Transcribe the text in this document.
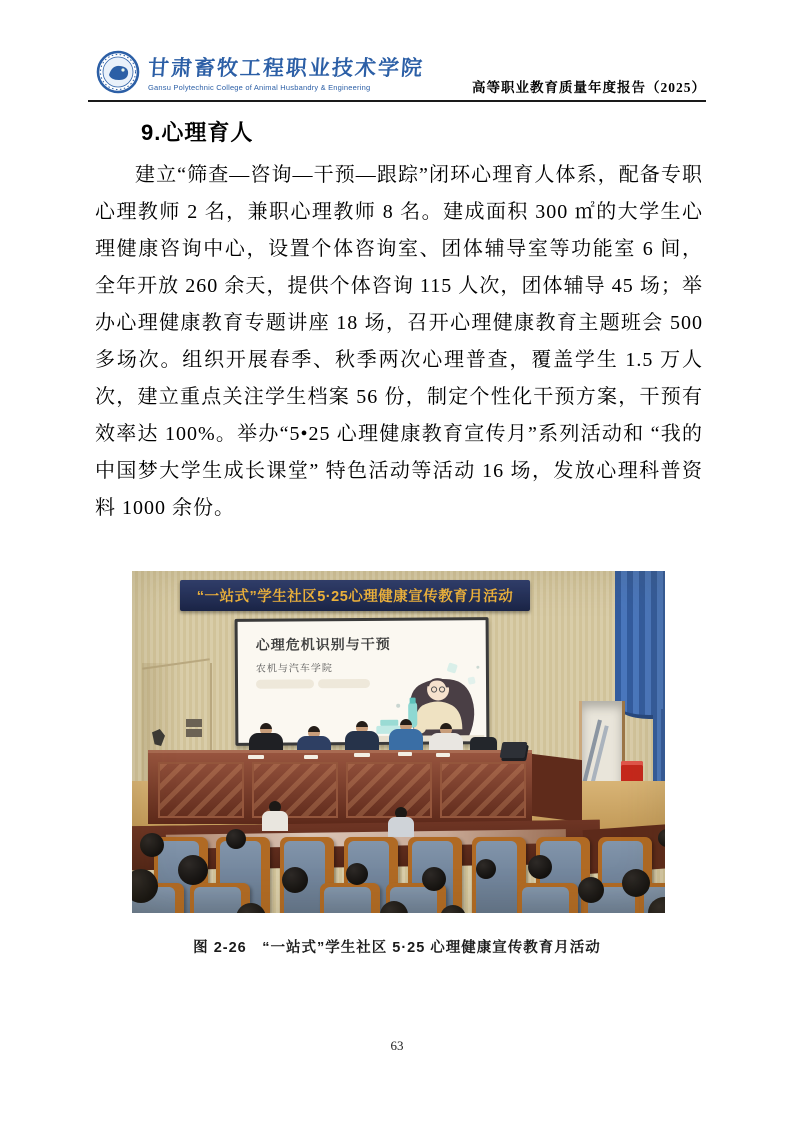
甘肃畜牧工程职业技术学院
Gansu Polytechnic College of Animal Husbandry & Engineering	高等职业教育质量年度报告（2025）
9.心理育人
建立“筛查—咨询—干预—跟踪”闭环心理育人体系，配备专职心理教师 2 名，兼职心理教师 8 名。建成面积 300 ㎡的大学生心理健康咨询中心，设置个体咨询室、团体辅导室等功能室 6 间，全年开放 260 余天，提供个体咨询 115 人次，团体辅导 45 场；举办心理健康教育专题讲座 18 场，召开心理健康教育主题班会 500 多场次。组织开展春季、秋季两次心理普查，覆盖学生 1.5 万人次，建立重点关注学生档案 56 份，制定个性化干预方案，干预有效率达 100%。举办“5•25 心理健康教育宣传月”系列活动和 “我的中国梦大学生成长课堂” 特色活动等活动 16 场，发放心理科普资料 1000 余份。
“一站式”学生社区5·25心理健康宣传教育月活动
心理危机识别与干预
农机与汽车学院
图 2-26　“一站式”学生社区 5·25 心理健康宣传教育月活动
63
